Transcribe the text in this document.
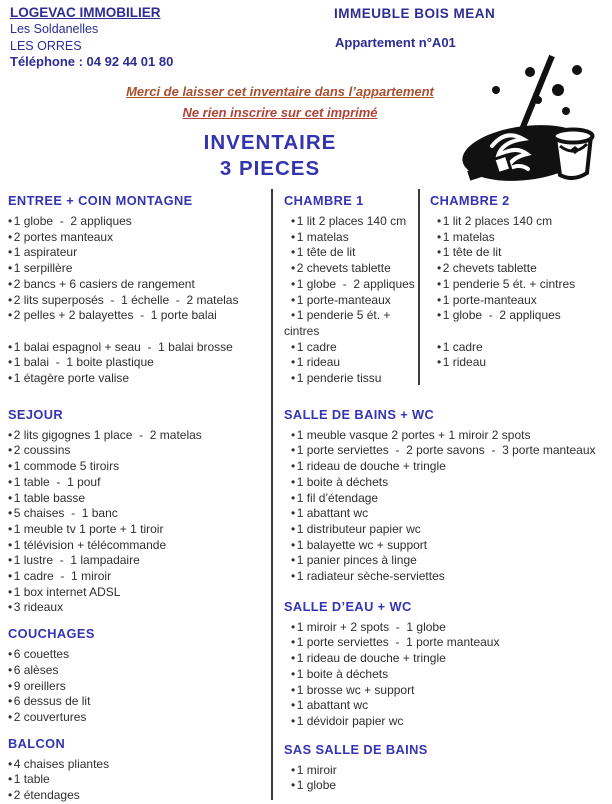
LOGEVAC IMMOBILIER
Les Soldanelles
LES ORRES
Téléphone : 04 92 44 01 80
IMMEUBLE BOIS MEAN
Appartement n°A01
Merci de laisser cet inventaire dans l’appartement
Ne rien inscrire sur cet imprimé
INVENTAIRE
3 PIECES
ENTREE + COIN MONTAGNE
• 1 globe  -  2 appliques
• 2 portes manteaux
• 1 aspirateur
• 1 serpillère
• 2 bancs + 6 casiers de rangement
• 2 lits superposés  -  1 échelle  -  2 matelas
• 2 pelles + 2 balayettes  -  1 porte balai
• 1 balai espagnol + seau  -  1 balai brosse
• 1 balai  -  1 boite plastique
• 1 étagère porte valise
SEJOUR
• 2 lits gigognes 1 place  -  2 matelas
• 2 coussins
• 1 commode 5 tiroirs
• 1 table  -  1 pouf
• 1 table basse
• 5 chaises  -  1 banc
• 1 meuble tv 1 porte + 1 tiroir
• 1 télévision + télécommande
• 1 lustre  -  1 lampadaire
• 1 cadre  -  1 miroir
• 1 box internet ADSL
• 3 rideaux
COUCHAGES
• 6 couettes
• 6 alèses
• 9 oreillers
• 6 dessus de lit
• 2 couvertures
BALCON
• 4 chaises pliantes
• 1 table
• 2 étendages
CHAMBRE 1
• 1 lit 2 places 140 cm
• 1 matelas
• 1 tête de lit
• 2 chevets tablette
• 1 globe  -  2 appliques
• 1 porte-manteaux
• 1 penderie 5 ét. +
cintres
• 1 cadre
• 1 rideau
• 1 penderie tissu
SALLE DE BAINS + WC
• 1 meuble vasque 2 portes + 1 miroir 2 spots
• 1 porte serviettes  -  2 porte savons  -  3 porte manteaux
• 1 rideau de douche + tringle
• 1 boite à déchets
• 1 fil d’étendage
• 1 abattant wc
• 1 distributeur papier wc
• 1 balayette wc + support
• 1 panier pinces à linge
• 1 radiateur sèche-serviettes
SALLE D’EAU + WC
• 1 miroir + 2 spots  -  1 globe
• 1 porte serviettes  -  1 porte manteaux
• 1 rideau de douche + tringle
• 1 boite à déchets
• 1 brosse wc + support
• 1 abattant wc
• 1 dévidoir papier wc
SAS SALLE DE BAINS
• 1 miroir
• 1 globe
CHAMBRE 2
• 1 lit 2 places 140 cm
• 1 matelas
• 1 tête de lit
• 2 chevets tablette
• 1 penderie 5 ét. + cintres
• 1 porte-manteaux
• 1 globe  -  2 appliques
• 1 cadre
• 1 rideau
